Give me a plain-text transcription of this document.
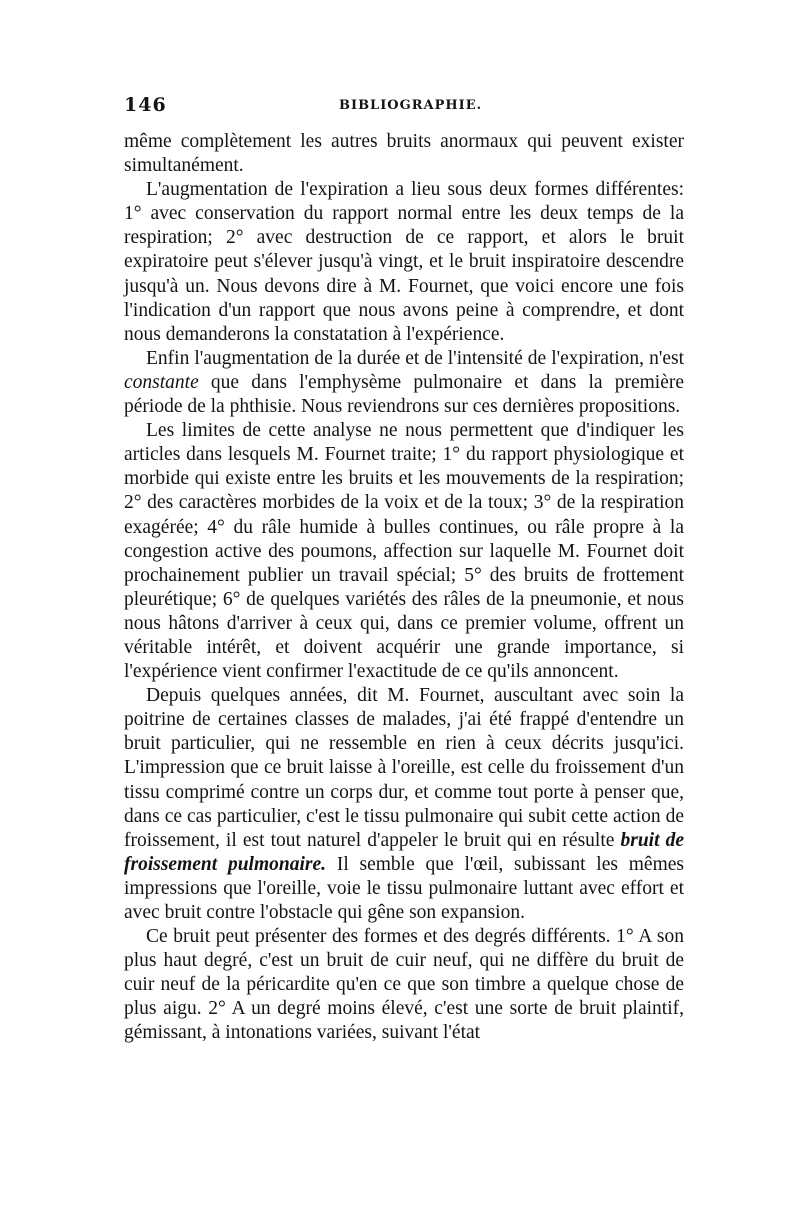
146	BIBLIOGRAPHIE.

même complètement les autres bruits anormaux qui peuvent exister simultanément.

L'augmentation de l'expiration a lieu sous deux formes différentes: 1° avec conservation du rapport normal entre les deux temps de la respiration; 2° avec destruction de ce rapport, et alors le bruit expiratoire peut s'élever jusqu'à vingt, et le bruit inspiratoire descendre jusqu'à un. Nous devons dire à M. Fournet, que voici encore une fois l'indication d'un rapport que nous avons peine à comprendre, et dont nous demanderons la constatation à l'expérience.

Enfin l'augmentation de la durée et de l'intensité de l'expiration, n'est constante que dans l'emphysème pulmonaire et dans la première période de la phthisie. Nous reviendrons sur ces dernières propositions.

Les limites de cette analyse ne nous permettent que d'indiquer les articles dans lesquels M. Fournet traite; 1° du rapport physiologique et morbide qui existe entre les bruits et les mouvements de la respiration; 2° des caractères morbides de la voix et de la toux; 3° de la respiration exagérée; 4° du râle humide à bulles continues, ou râle propre à la congestion active des poumons, affection sur laquelle M. Fournet doit prochainement publier un travail spécial; 5° des bruits de frottement pleurétique; 6° de quelques variétés des râles de la pneumonie, et nous nous hâtons d'arriver à ceux qui, dans ce premier volume, offrent un véritable intérêt, et doivent acquérir une grande importance, si l'expérience vient confirmer l'exactitude de ce qu'ils annoncent.

Depuis quelques années, dit M. Fournet, auscultant avec soin la poitrine de certaines classes de malades, j'ai été frappé d'entendre un bruit particulier, qui ne ressemble en rien à ceux décrits jusqu'ici. L'impression que ce bruit laisse à l'oreille, est celle du froissement d'un tissu comprimé contre un corps dur, et comme tout porte à penser que, dans ce cas particulier, c'est le tissu pulmonaire qui subit cette action de froissement, il est tout naturel d'appeler le bruit qui en résulte bruit de froissement pulmonaire. Il semble que l'œil, subissant les mêmes impressions que l'oreille, voie le tissu pulmonaire luttant avec effort et avec bruit contre l'obstacle qui gêne son expansion.

Ce bruit peut présenter des formes et des degrés différents. 1° A son plus haut degré, c'est un bruit de cuir neuf, qui ne diffère du bruit de cuir neuf de la péricardite qu'en ce que son timbre a quelque chose de plus aigu. 2° A un degré moins élevé, c'est une sorte de bruit plaintif, gémissant, à intonations variées, suivant l'état
